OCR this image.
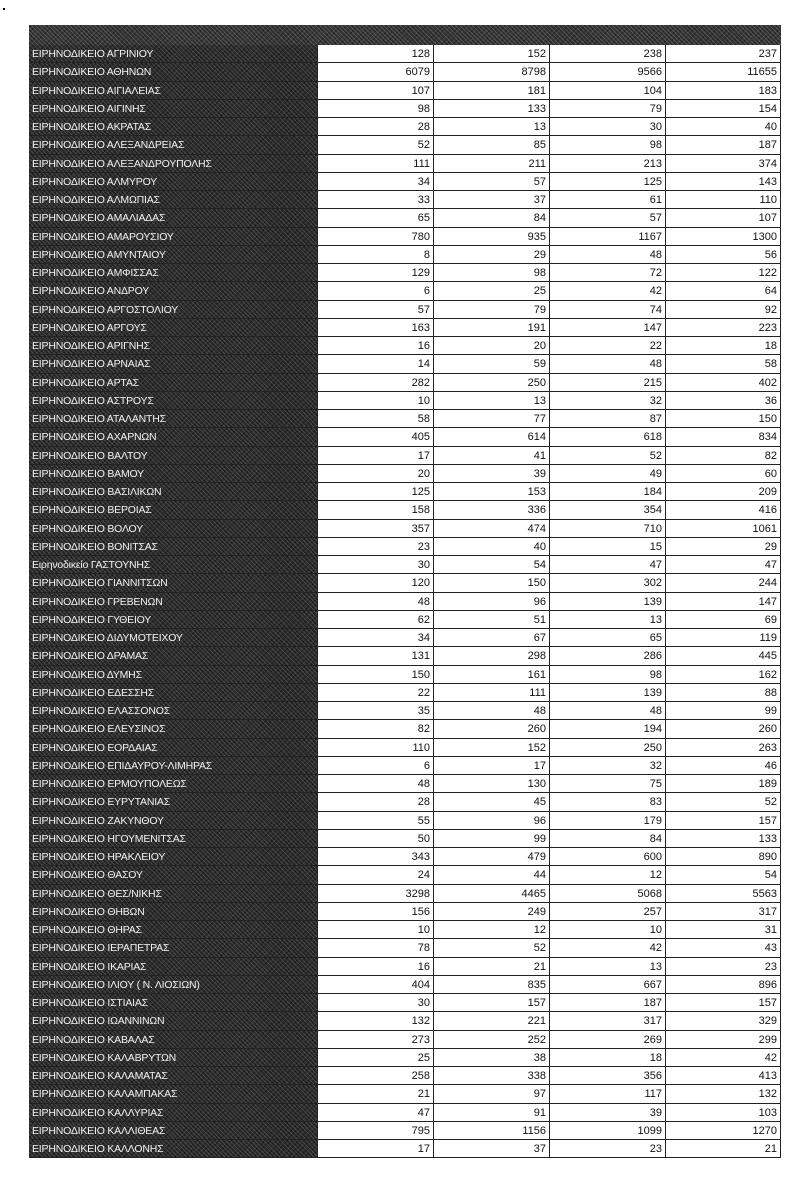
ΕΙΡΗΝΟΔΙΚΕΙΟ ΑΓΡΙΝΙΟΥ	128	152	238	237
ΕΙΡΗΝΟΔΙΚΕΙΟ ΑΘΗΝΩΝ	6079	8798	9566	11655
ΕΙΡΗΝΟΔΙΚΕΙΟ ΑΙΓΙΑΛΕΙΑΣ	107	181	104	183
ΕΙΡΗΝΟΔΙΚΕΙΟ ΑΙΓΙΝΗΣ	98	133	79	154
ΕΙΡΗΝΟΔΙΚΕΙΟ ΑΚΡΑΤΑΣ	28	13	30	40
ΕΙΡΗΝΟΔΙΚΕΙΟ ΑΛΕΞΑΝΔΡΕΙΑΣ	52	85	98	187
ΕΙΡΗΝΟΔΙΚΕΙΟ ΑΛΕΞΑΝΔΡΟΥΠΟΛΗΣ	111	211	213	374
ΕΙΡΗΝΟΔΙΚΕΙΟ ΑΛΜΥΡΟΥ	34	57	125	143
ΕΙΡΗΝΟΔΙΚΕΙΟ ΑΛΜΩΠΙΑΣ	33	37	61	110
ΕΙΡΗΝΟΔΙΚΕΙΟ ΑΜΑΛΙΑΔΑΣ	65	84	57	107
ΕΙΡΗΝΟΔΙΚΕΙΟ ΑΜΑΡΟΥΣΙΟΥ	780	935	1167	1300
ΕΙΡΗΝΟΔΙΚΕΙΟ ΑΜΥΝΤΑΙΟΥ	8	29	48	56
ΕΙΡΗΝΟΔΙΚΕΙΟ ΑΜΦΙΣΣΑΣ	129	98	72	122
ΕΙΡΗΝΟΔΙΚΕΙΟ ΑΝΔΡΟΥ	6	25	42	64
ΕΙΡΗΝΟΔΙΚΕΙΟ ΑΡΓΟΣΤΟΛΙΟΥ	57	79	74	92
ΕΙΡΗΝΟΔΙΚΕΙΟ ΑΡΓΟΥΣ	163	191	147	223
ΕΙΡΗΝΟΔΙΚΕΙΟ ΑΡΙΓΝΗΣ	16	20	22	18
ΕΙΡΗΝΟΔΙΚΕΙΟ ΑΡΝΑΙΑΣ	14	59	48	58
ΕΙΡΗΝΟΔΙΚΕΙΟ ΑΡΤΑΣ	282	250	215	402
ΕΙΡΗΝΟΔΙΚΕΙΟ ΑΣΤΡΟΥΣ	10	13	32	36
ΕΙΡΗΝΟΔΙΚΕΙΟ ΑΤΑΛΑΝΤΗΣ	58	77	87	150
ΕΙΡΗΝΟΔΙΚΕΙΟ ΑΧΑΡΝΩΝ	405	614	618	834
ΕΙΡΗΝΟΔΙΚΕΙΟ ΒΑΛΤΟΥ	17	41	52	82
ΕΙΡΗΝΟΔΙΚΕΙΟ ΒΑΜΟΥ	20	39	49	60
ΕΙΡΗΝΟΔΙΚΕΙΟ ΒΑΣΙΛΙΚΩΝ	125	153	184	209
ΕΙΡΗΝΟΔΙΚΕΙΟ ΒΕΡΟΙΑΣ	158	336	354	416
ΕΙΡΗΝΟΔΙΚΕΙΟ ΒΟΛΟΥ	357	474	710	1061
ΕΙΡΗΝΟΔΙΚΕΙΟ ΒΟΝΙΤΣΑΣ	23	40	15	29
Ειρηνοδικείο ΓΑΣΤΟΥΝΗΣ	30	54	47	47
ΕΙΡΗΝΟΔΙΚΕΙΟ ΓΙΑΝΝΙΤΣΩΝ	120	150	302	244
ΕΙΡΗΝΟΔΙΚΕΙΟ ΓΡΕΒΕΝΩΝ	48	96	139	147
ΕΙΡΗΝΟΔΙΚΕΙΟ ΓΥΘΕΙΟΥ	62	51	13	69
ΕΙΡΗΝΟΔΙΚΕΙΟ ΔΙΔΥΜΟΤΕΙΧΟΥ	34	67	65	119
ΕΙΡΗΝΟΔΙΚΕΙΟ ΔΡΑΜΑΣ	131	298	286	445
ΕΙΡΗΝΟΔΙΚΕΙΟ ΔΥΜΗΣ	150	161	98	162
ΕΙΡΗΝΟΔΙΚΕΙΟ ΕΔΕΣΣΗΣ	22	111	139	88
ΕΙΡΗΝΟΔΙΚΕΙΟ ΕΛΑΣΣΟΝΟΣ	35	48	48	99
ΕΙΡΗΝΟΔΙΚΕΙΟ ΕΛΕΥΣΙΝΟΣ	82	260	194	260
ΕΙΡΗΝΟΔΙΚΕΙΟ ΕΟΡΔΑΙΑΣ	110	152	250	263
ΕΙΡΗΝΟΔΙΚΕΙΟ ΕΠΙΔΑΥΡΟΥ-ΛΙΜΗΡΑΣ	6	17	32	46
ΕΙΡΗΝΟΔΙΚΕΙΟ ΕΡΜΟΥΠΟΛΕΩΣ	48	130	75	189
ΕΙΡΗΝΟΔΙΚΕΙΟ ΕΥΡΥΤΑΝΙΑΣ	28	45	83	52
ΕΙΡΗΝΟΔΙΚΕΙΟ ΖΑΚΥΝΘΟΥ	55	96	179	157
ΕΙΡΗΝΟΔΙΚΕΙΟ ΗΓΟΥΜΕΝΙΤΣΑΣ	50	99	84	133
ΕΙΡΗΝΟΔΙΚΕΙΟ ΗΡΑΚΛΕΙΟΥ	343	479	600	890
ΕΙΡΗΝΟΔΙΚΕΙΟ ΘΑΣΟΥ	24	44	12	54
ΕΙΡΗΝΟΔΙΚΕΙΟ ΘΕΣ/ΝΙΚΗΣ	3298	4465	5068	5563
ΕΙΡΗΝΟΔΙΚΕΙΟ ΘΗΒΩΝ	156	249	257	317
ΕΙΡΗΝΟΔΙΚΕΙΟ ΘΗΡΑΣ	10	12	10	31
ΕΙΡΗΝΟΔΙΚΕΙΟ ΙΕΡΑΠΕΤΡΑΣ	78	52	42	43
ΕΙΡΗΝΟΔΙΚΕΙΟ ΙΚΑΡΙΑΣ	16	21	13	23
ΕΙΡΗΝΟΔΙΚΕΙΟ ΙΛΙΟΥ ( Ν. ΛΙΟΣΙΩΝ)	404	835	667	896
ΕΙΡΗΝΟΔΙΚΕΙΟ ΙΣΤΙΑΙΑΣ	30	157	187	157
ΕΙΡΗΝΟΔΙΚΕΙΟ ΙΩΑΝΝΙΝΩΝ	132	221	317	329
ΕΙΡΗΝΟΔΙΚΕΙΟ ΚΑΒΑΛΑΣ	273	252	269	299
ΕΙΡΗΝΟΔΙΚΕΙΟ ΚΑΛΑΒΡΥΤΩΝ	25	38	18	42
ΕΙΡΗΝΟΔΙΚΕΙΟ ΚΑΛΑΜΑΤΑΣ	258	338	356	413
ΕΙΡΗΝΟΔΙΚΕΙΟ ΚΑΛΑΜΠΑΚΑΣ	21	97	117	132
ΕΙΡΗΝΟΔΙΚΕΙΟ ΚΑΛΛΥΡΙΑΣ	47	91	39	103
ΕΙΡΗΝΟΔΙΚΕΙΟ ΚΑΛΛΙΘΕΑΣ	795	1156	1099	1270
ΕΙΡΗΝΟΔΙΚΕΙΟ ΚΑΛΛΟΝΗΣ	17	37	23	21
